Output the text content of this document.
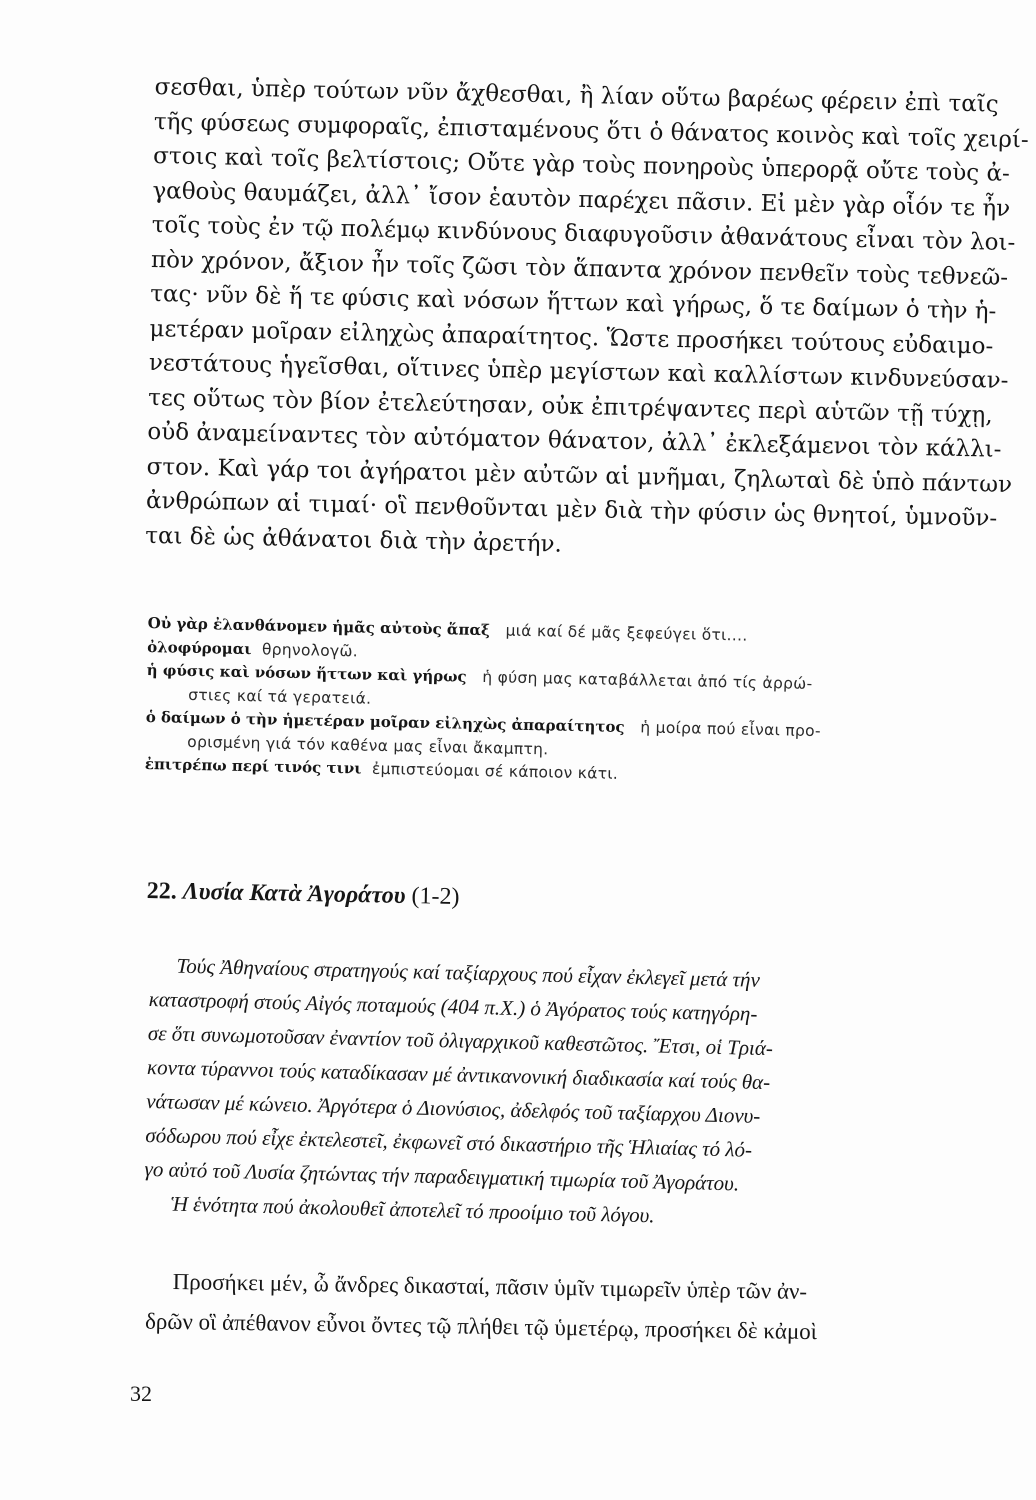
σεσθαι, ὑπὲρ τούτων νῦν ἄχθεσθαι, ἢ λίαν οὕτω βαρέως φέρειν ἐπὶ ταῖς
τῆς φύσεως συμφοραῖς, ἐπισταμένους ὅτι ὁ θάνατος κοινὸς καὶ τοῖς χειρί-
στοις καὶ τοῖς βελτίστοις; Οὔτε γὰρ τοὺς πονηροὺς ὑπερορᾷ οὔτε τοὺς ἀ-
γαθοὺς θαυμάζει, ἀλλ᾽ ἴσον ἑαυτὸν παρέχει πᾶσιν. Εἰ μὲν γὰρ οἷόν τε ἦν
τοῖς τοὺς ἐν τῷ πολέμῳ κινδύνους διαφυγοῦσιν ἀθανάτους εἶναι τὸν λοι-
πὸν χρόνον, ἄξιον ἦν τοῖς ζῶσι τὸν ἅπαντα χρόνον πενθεῖν τοὺς τεθνεῶ-
τας· νῦν δὲ ἥ τε φύσις καὶ νόσων ἥττων καὶ γήρως, ὅ τε δαίμων ὁ τὴν ἡ-
μετέραν μοῖραν εἰληχὼς ἀπαραίτητος. Ὥστε προσήκει τούτους εὐδαιμο-
νεστάτους ἡγεῖσθαι, οἵτινες ὑπὲρ μεγίστων καὶ καλλίστων κινδυνεύσαν-
τες οὕτως τὸν βίον ἐτελεύτησαν, οὐκ ἐπιτρέψαντες περὶ αὑτῶν τῇ τύχῃ,
οὐδ ἀναμείναντες τὸν αὐτόματον θάνατον, ἀλλ᾽ ἐκλεξάμενοι τὸν κάλλι-
στον. Καὶ γάρ τοι ἀγήρατοι μὲν αὐτῶν αἱ μνῆμαι, ζηλωταὶ δὲ ὑπὸ πάντων
ἀνθρώπων αἱ τιμαί· οἳ πενθοῦνται μὲν διὰ τὴν φύσιν ὡς θνητοί, ὑμνοῦν-
ται δὲ ὡς ἀθάνατοι διὰ τὴν ἀρετήν.
Οὐ γὰρ ἐλανθάνομεν ἡμᾶς αὐτοὺς ἅπαξ μιά καί δέ μᾶς ξεφεύγει ὅτι....
ὀλοφύρομαι θρηνολογῶ.
ἡ φύσις καὶ νόσων ἥττων καὶ γήρως ἡ φύση μας καταβάλλεται ἀπό τίς ἀρρώ-
στιες καί τά γερατειά.
ὁ δαίμων ὁ τὴν ἡμετέραν μοῖραν εἰληχὼς ἀπαραίτητος ἡ μοίρα πού εἶναι προ-
ορισμένη γιά τόν καθένα μας εἶναι ἄκαμπτη.
ἐπιτρέπω περί τινός τινι ἐμπιστεύομαι σέ κάποιον κάτι.
22. Λυσία Κατὰ Ἀγοράτου (1-2)
Τούς Ἀθηναίους στρατηγούς καί ταξίαρχους πού εἶχαν ἐκλεγεῖ μετά τήν
καταστροφή στούς Αἰγός ποταμούς (404 π.Χ.) ὁ Ἀγόρατος τούς κατηγόρη-
σε ὅτι συνωμοτοῦσαν ἐναντίον τοῦ ὀλιγαρχικοῦ καθεστῶτος. Ἔτσι, οἱ Τριά-
κοντα τύραννοι τούς καταδίκασαν μέ ἀντικανονική διαδικασία καί τούς θα-
νάτωσαν μέ κώνειο. Ἀργότερα ὁ Διονύσιος, ἀδελφός τοῦ ταξίαρχου Διονυ-
σόδωρου πού εἶχε ἐκτελεστεῖ, ἐκφωνεῖ στό δικαστήριο τῆς Ἡλιαίας τό λό-
γο αὐτό τοῦ Λυσία ζητώντας τήν παραδειγματική τιμωρία τοῦ Ἀγοράτου.
Ἡ ἑνότητα πού ἀκολουθεῖ ἀποτελεῖ τό προοίμιο τοῦ λόγου.
Προσήκει μέν, ὦ ἄνδρες δικασταί, πᾶσιν ὑμῖν τιμωρεῖν ὑπὲρ τῶν ἀν-
δρῶν οἳ ἀπέθανον εὖνοι ὄντες τῷ πλήθει τῷ ὑμετέρῳ, προσήκει δὲ κἀμοὶ
32
